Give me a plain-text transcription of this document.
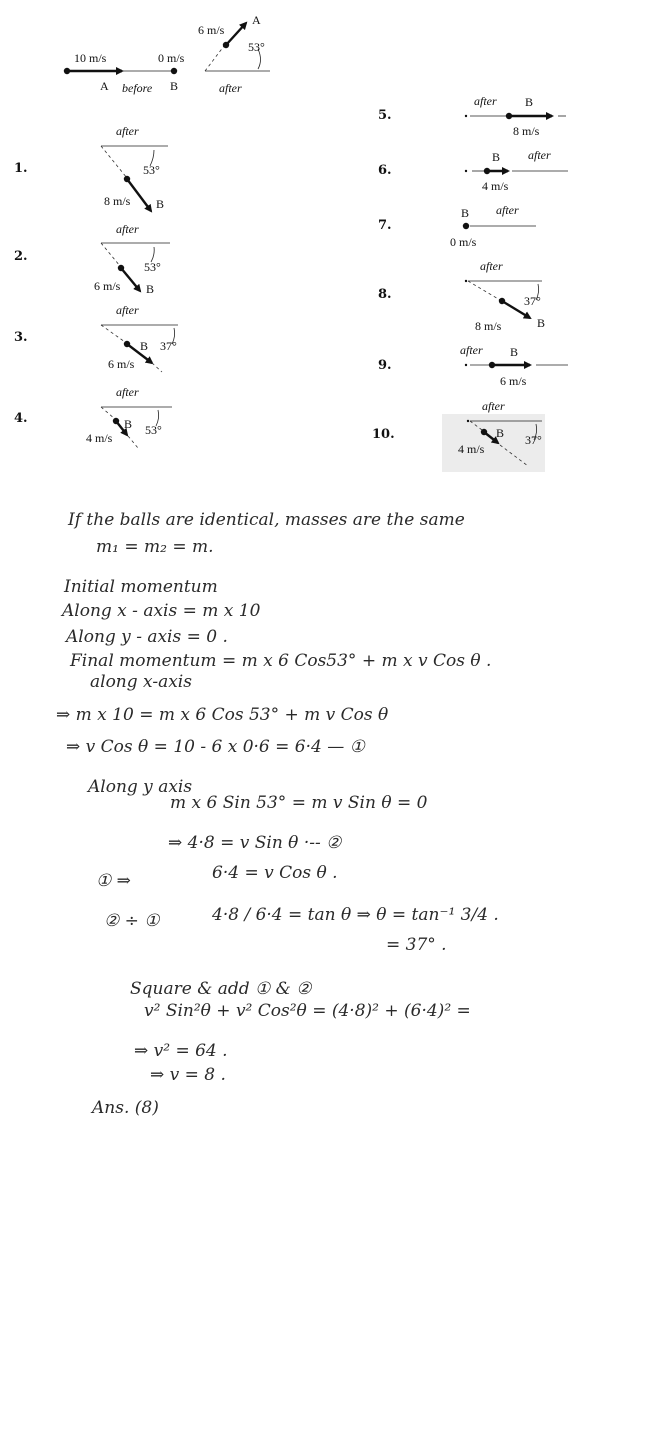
10 m/s
A before
0 m/s
B
6 m/s
A
53°
after
1.
after
53°
8 m/s B
2.
after
53°
6 m/s B
3.
after
B 37°
6 m/s
4.
after
B 53°
4 m/s
5.
after B
8 m/s
6.
after
B
4 m/s
7.
B after
0 m/s
8.
after
37°
8 m/s	B
9.
after B
6 m/s
10.
after
B 37°
4 m/s
If the balls are identical, masses are the same
m₁ = m₂ = m.
Initial momentum
Along x - axis = m x 10
Along y - axis = 0 .
Final momentum = m x 6 Cos53° + m x v Cos θ .
along x-axis
⇒ m x 10 = m x 6 Cos 53° + m v Cos θ
⇒ v Cos θ = 10 - 6 x 0·6 = 6·4 — ①
Along y axis
m x 6 Sin 53° = m v Sin θ = 0
⇒ 4·8 = v Sin θ ·-- ②
① ⇒	6·4 = v Cos θ .
② ÷ ①	4·8 / 6·4 = tan θ ⇒ θ = tan⁻¹ 3/4 .
= 37° .
Square & add ① & ②
v² Sin²θ + v² Cos²θ = (4·8)² + (6·4)² =
⇒ v² = 64 .
⇒ v = 8 .
Ans. (8)
